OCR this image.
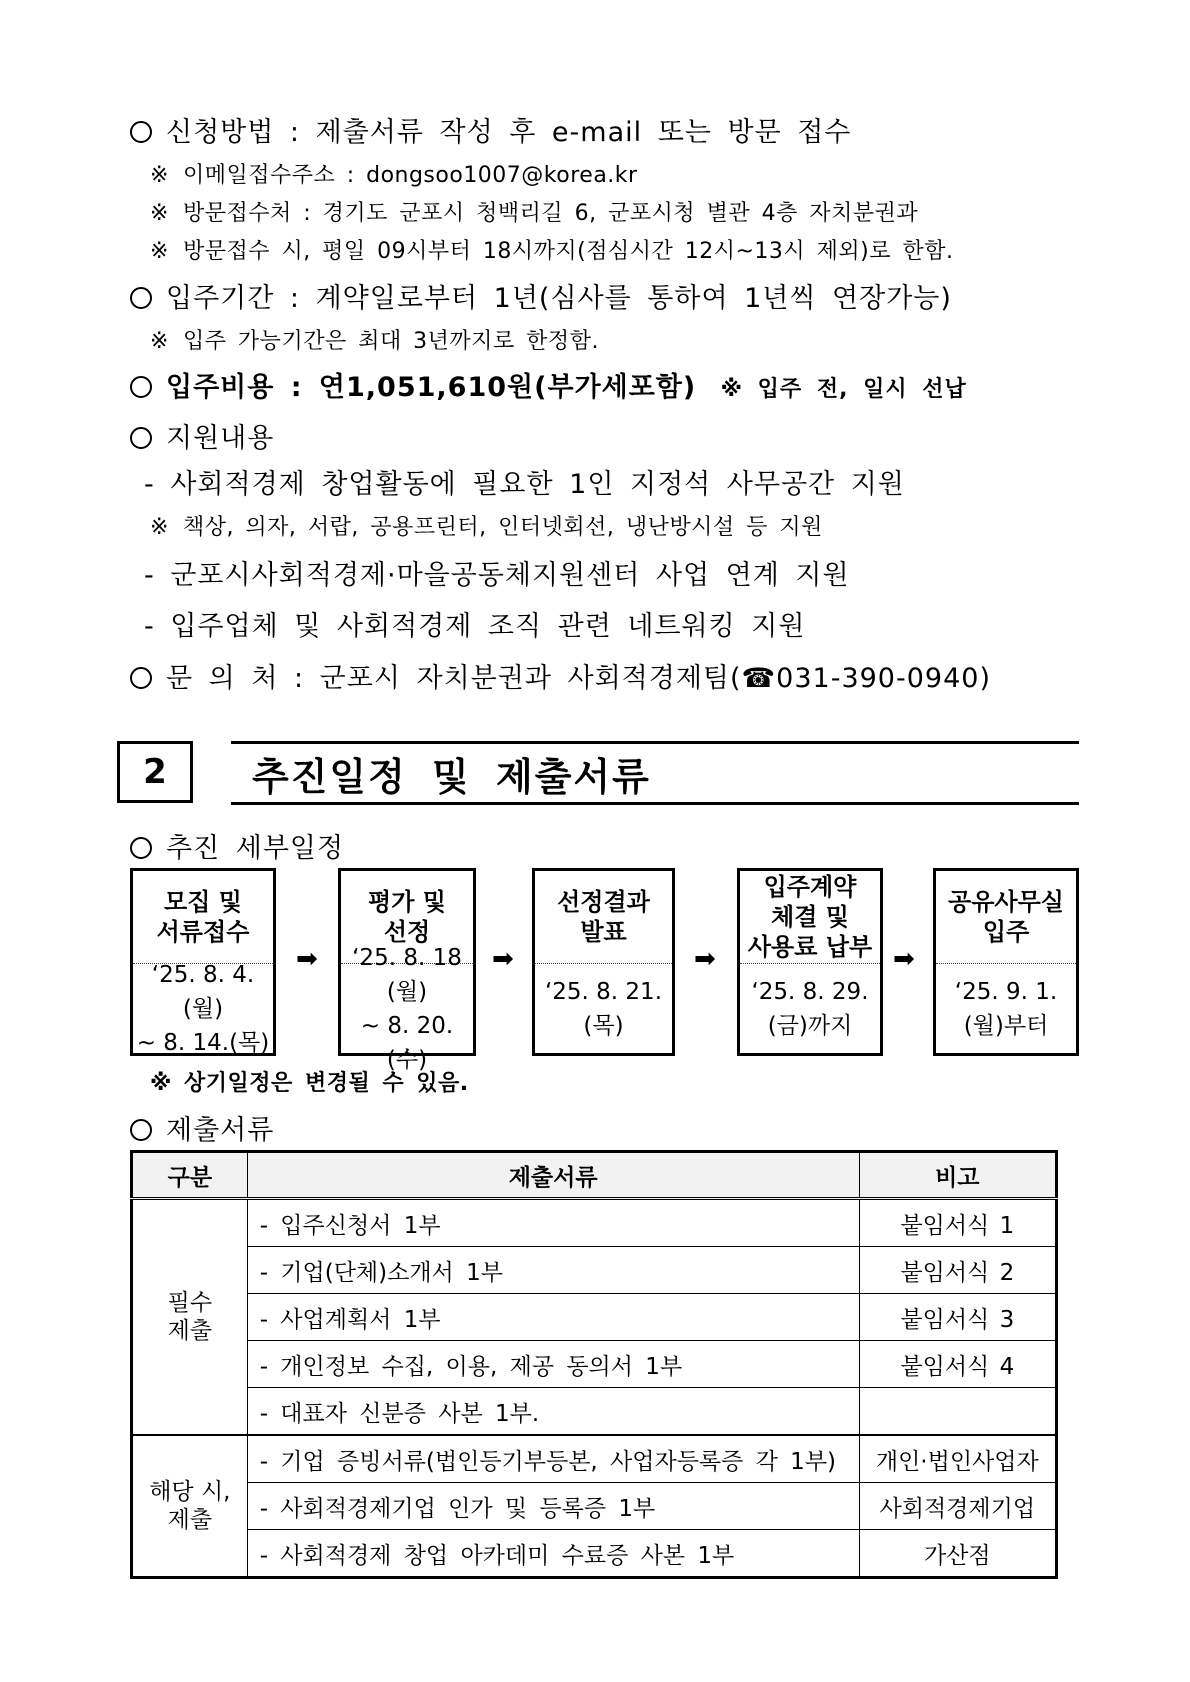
신청방법 : 제출서류 작성 후 e-mail 또는 방문 접수
※ 이메일접수주소 : dongsoo1007@korea.kr
※ 방문접수처 : 경기도 군포시 청백리길 6, 군포시청 별관 4층 자치분권과
※ 방문접수 시, 평일 09시부터 18시까지(점심시간 12시~13시 제외)로 한함.
입주기간 : 계약일로부터 1년(심사를 통하여 1년씩 연장가능)
※ 입주 가능기간은 최대 3년까지로 한정함.
입주비용 : 연1,051,610원(부가세포함) ※ 입주 전, 일시 선납
지원내용
- 사회적경제 창업활동에 필요한 1인 지정석 사무공간 지원
※ 책상, 의자, 서랍, 공용프린터, 인터넷회선, 냉난방시설 등 지원
- 군포시사회적경제·마을공동체지원센터 사업 연계 지원
- 입주업체 및 사회적경제 조직 관련 네트워킹 지원
문 의 처 : 군포시 자치분권과 사회적경제팀(☎031-390-0940)
2	추진일정 및 제출서류
추진 세부일정
모집 및
서류접수
‘25. 8. 4.
(월)
~ 8. 14.(목)
➡
평가 및
선정
‘25. 8. 18
(월)
~ 8. 20.(수)
➡
선정결과
발표
‘25. 8. 21.
(목)
➡
입주계약
체결 및
사용료 납부
‘25. 8. 29.
(금)까지
➡
공유사무실
입주
‘25. 9. 1.
(월)부터
※ 상기일정은 변경될 수 있음.
제출서류
구분	제출서류	비고
필수
제출	- 입주신청서 1부	붙임서식 1
	- 기업(단체)소개서 1부	붙임서식 2
	- 사업계획서 1부	붙임서식 3
	- 개인정보 수집, 이용, 제공 동의서 1부	붙임서식 4
	- 대표자 신분증 사본 1부.	
해당 시,
제출	- 기업 증빙서류(법인등기부등본, 사업자등록증 각 1부)	개인·법인사업자
	- 사회적경제기업 인가 및 등록증 1부	사회적경제기업
	- 사회적경제 창업 아카데미 수료증 사본 1부	가산점
